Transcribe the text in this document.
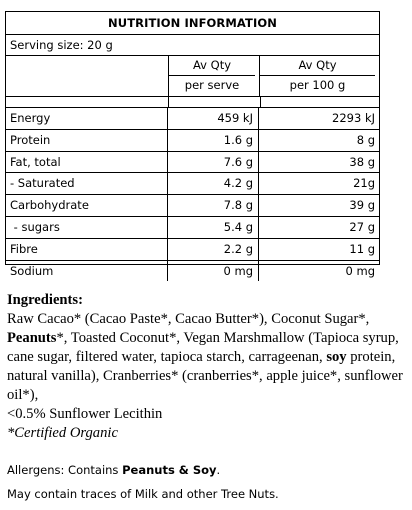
NUTRITION INFORMATION
Serving size: 20 g
Av Qty
per serve
Av Qty
per 100 g
Energy	459 kJ	2293 kJ
Protein	1.6 g	8 g
Fat, total	7.6 g	38 g
- Saturated	4.2 g	21g
Carbohydrate	7.8 g	39 g
- sugars	5.4 g	27 g
Fibre	2.2 g	11 g
Sodium	0 mg	0 mg
Ingredients:
Raw Cacao* (Cacao Paste*, Cacao Butter*), Coconut Sugar*, Peanuts*, Toasted Coconut*, Vegan Marshmallow (Tapioca syrup, cane sugar, filtered water, tapioca starch, carrageenan, soy protein, natural vanilla), Cranberries* (cranberries*, apple juice*, sunflower oil*),
<0.5% Sunflower Lecithin
*Certified Organic
Allergens: Contains Peanuts & Soy.
May contain traces of Milk and other Tree Nuts.
